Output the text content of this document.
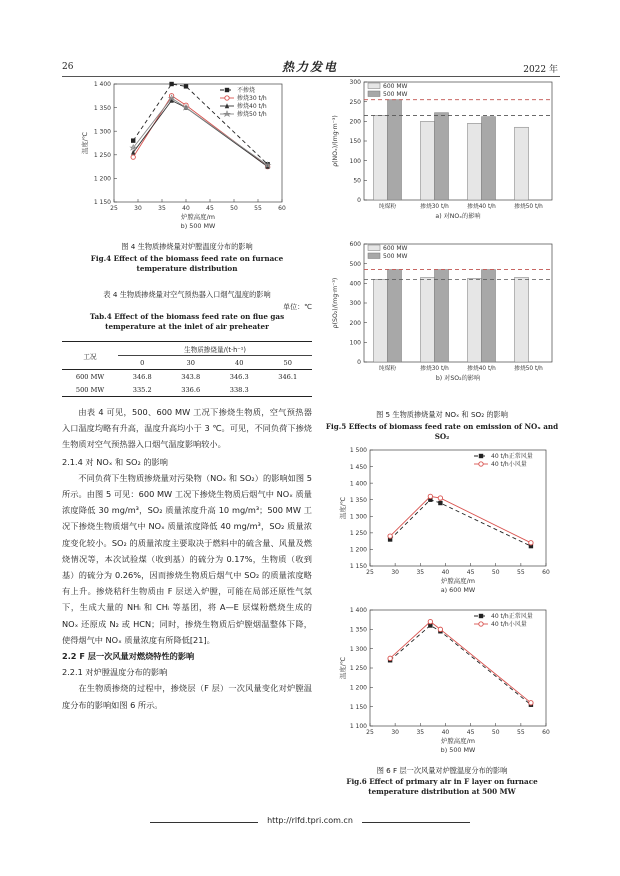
26	热力发电	2022 年
1 150
1 200
1 250
1 300
1 350
1 400
25	30	35	40	45	50	55	60
炉膛高度/m
b) 500 MW
温度/℃
不掺烧
掺烧30 t/h
掺烧40 t/h
掺烧50 t/h
图 4 生物质掺烧量对炉膛温度分布的影响
Fig.4 Effect of the biomass feed rate on furnace
temperature distribution
表 4 生物质掺烧量对空气预热器入口烟气温度的影响
单位：℃
Tab.4 Effect of the biomass feed rate on flue gas
temperature at the inlet of air preheater
工况	生物质掺烧量/(t·h⁻¹)			
	0	30	40	50
600 MW	346.8	343.8	346.3	346.1
500 MW	335.2	336.6	338.3	

由表 4 可见，500、600 MW 工况下掺烧生物质，空气预热器入口温度均略有升高，温度升高均小于 3 ℃。可见，不同负荷下掺烧生物质对空气预热器入口烟气温度影响较小。

2.1.4 对 NOₓ 和 SO₂ 的影响

不同负荷下生物质掺烧量对污染物（NOₓ 和 SO₂）的影响如图 5 所示。由图 5 可见：600 MW 工况下掺烧生物质后烟气中 NOₓ 质量浓度降低 30 mg/m³，SO₂ 质量浓度升高 10 mg/m³；500 MW 工况下掺烧生物质烟气中 NOₓ 质量浓度降低 40 mg/m³，SO₂ 质量浓度变化较小。SO₂ 的质量浓度主要取决于燃料中的硫含量、风量及燃烧情况等，本次试验煤（收到基）的硫分为 0.17%，生物质（收到基）的硫分为 0.26%，因而掺烧生物质后烟气中 SO₂ 的质量浓度略有上升。掺烧秸秆生物质由 F 层送入炉膛，可能在局部还原性气氛下，生成大量的 NHᵢ 和 CHᵢ 等基团，将 A—E 层煤粉燃烧生成的 NOₓ 还原成 N₂ 或 HCN；同时，掺烧生物质后炉膛烟温整体下降，使得烟气中 NOₓ 质量浓度有所降低[21]。

2.2 F 层一次风量对燃烧特性的影响
2.2.1 对炉膛温度分布的影响

在生物质掺烧的过程中，掺烧层（F 层）一次风量变化对炉膛温度分布的影响如图 6 所示。

0
50
100
150
200
250
300
ρ(NOₓ)/(mg·m⁻³)
纯煤粉	掺烧30 t/h	掺烧40 t/h	掺烧50 t/h
600 MW
500 MW
a) 对NOₓ的影响
0
100
200
300
400
500
600
ρ(SO₂)/(mg·m⁻³)
纯煤粉	掺烧30 t/h	掺烧40 t/h	掺烧50 t/h
600 MW
500 MW
b) 对SO₂的影响
图 5 生物质掺烧量对 NOₓ 和 SO₂ 的影响
Fig.5 Effects of biomass feed rate on emission of NOₓ and SO₂
1 150
1 200
1 250
1 300
1 350
1 400
1 450
1 500
25	30	35	40	45	50	55	60
炉膛高度/m
a) 600 MW
温度/℃
40 t/h正常风量
40 t/h小风量
1 100
1 150
1 200
1 250
1 300
1 350
1 400
25	30	35	40	45	50	55	60
炉膛高度/m
b) 500 MW
温度/℃
40 t/h正常风量
40 t/h小风量
图 6 F 层一次风量对炉膛温度分布的影响
Fig.6 Effect of primary air in F layer on furnace
temperature distribution at 500 MW
http://rlfd.tpri.com.cn
